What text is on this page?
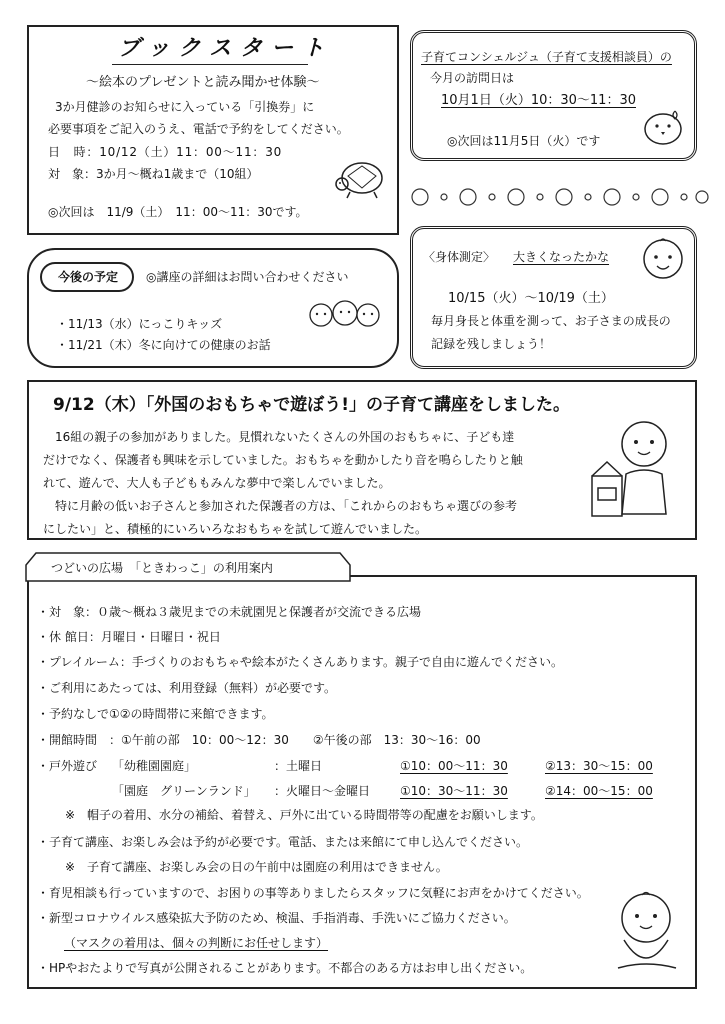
ブックスタート
～絵本のプレゼントと読み聞かせ体験～
3か月健診のお知らせに入っている「引換券」に
必要事項をご記入のうえ、電話で予約をしてください。
日　時：10/12（土）11：00～11：30
対　象：3か月～概ね1歳まで（10組）
◎次回は　11/9（土）　11：00～11：30です。
子育てコンシェルジュ（子育て支援相談員）の
今月の訪問日は
10月1日（火）10：30～11：30
◎次回は11月5日（火）です
今後の予定 ◎講座の詳細はお問い合わせください
・11/13（水）にっこりキッズ
・11/21（木）冬に向けての健康のお話
〈身体測定〉 大きくなったかな
10/15（火）～10/19（土）
毎月身長と体重を測って、お子さまの成長の
記録を残しましょう！
9/12（木）「外国のおもちゃで遊ぼう!」の子育て講座をしました。
　16組の親子の参加がありました。見慣れないたくさんの外国のおもちゃに、子ども達
だけでなく、保護者も興味を示していました。おもちゃを動かしたり音を鳴らしたりと触
れて、遊んで、大人も子どももみんな夢中で楽しんでいました。
　特に月齢の低いお子さんと参加された保護者の方は、「これからのおもちゃ選びの参考
にしたい」と、積極的にいろいろなおもちゃを試して遊んでいました。
つどいの広場　「ときわっこ」の利用案内
・対　象：０歳～概ね３歳児までの未就園児と保護者が交流できる広場
・休 館日：月曜日・日曜日・祝日
・プレイルーム：手づくりのおもちゃや絵本がたくさんあります。親子で自由に遊んでください。
・ご利用にあたっては、利用登録（無料）が必要です。
・予約なしで①②の時間帯に来館できます。
・開館時間　：①午前の部　10：00～12：30　　②午後の部　13：30～16：00
・戸外遊び 「幼稚園園庭」	：土曜日	①10：00～11：30	②13：30～15：00
「園庭　グリーンランド」 ：火曜日～金曜日 ①10：30～11：30	②14：00～15：00
※　帽子の着用、水分の補給、着替え、戸外に出ている時間帯等の配慮をお願いします。
・子育て講座、お楽しみ会は予約が必要です。電話、または来館にて申し込んでください。
※　子育て講座、お楽しみ会の日の午前中は園庭の利用はできません。
・育児相談も行っていますので、お困りの事等ありましたらスタッフに気軽にお声をかけてください。
・新型コロナウイルス感染拡大予防のため、検温、手指消毒、手洗いにご協力ください。
（マスクの着用は、個々の判断にお任せします）
・HPやおたよりで写真が公開されることがあります。不都合のある方はお申し出ください。
